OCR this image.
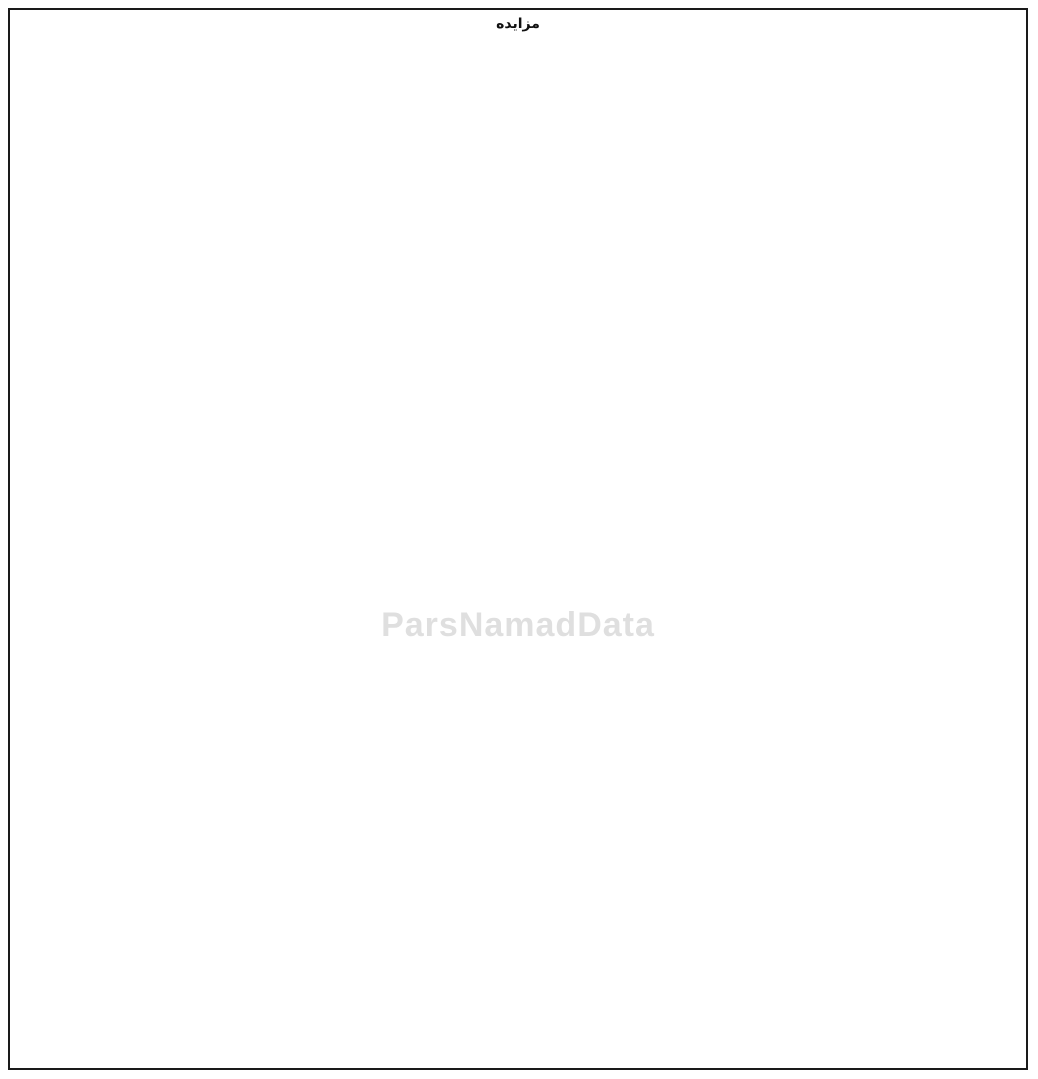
مزایده

ParsNamadData
